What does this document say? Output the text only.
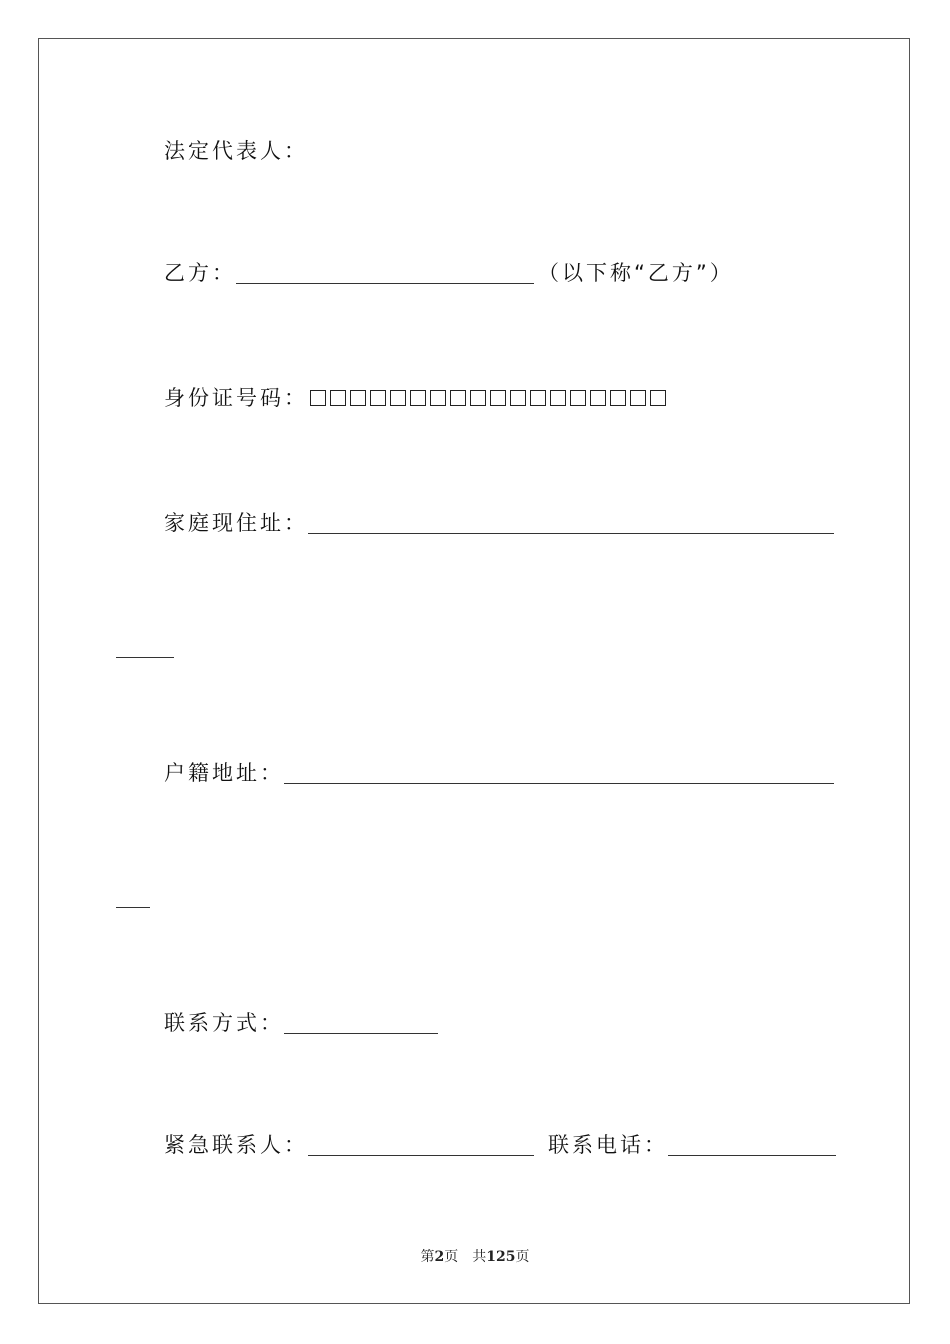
法定代表人：
乙方：	（以下称“乙方”）
身份证号码：
家庭现住址：
户籍地址：
联系方式：
紧急联系人：	联系电话：
第2页 共125页
